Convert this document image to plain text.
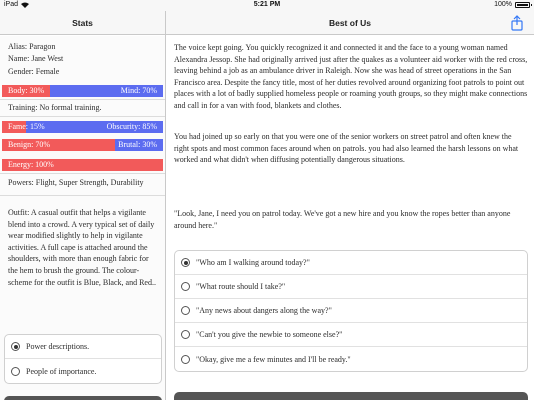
iPad	5:21 PM	100%
Stats	Best of Us
Alias: Paragon
Name: Jane West
Gender: Female
Body: 30%	Mind: 70%
Training: No formal training.
Fame: 15%	Obscurity: 85%
Benign: 70%	Brutal: 30%
Energy: 100%
Powers: Flight, Super Strength, Durability
Outfit: A casual outfit that helps a vigilante blend into a crowd. A very typical set of daily wear modified slightly to help in vigilante activities. A full cape is attached around the shoulders, with more than enough fabric for the hem to brush the ground. The colour-scheme for the outfit is Blue, Black, and Red..
Power descriptions.
People of importance.

The voice kept going. You quickly recognized it and connected it and the face to a young woman named Alexandra Jessop. She had originally arrived just after the quakes as a volunteer aid worker with the red cross, leaving behind a job as an ambulance driver in Raleigh. Now she was head of street operations in the San Francisco area. Despite the fancy title, most of her duties revolved around organizing foot patrols to point out places with a lot of badly supplied homeless people or roaming youth groups, so they might make connections and call in for a van with food, blankets and clothes.

You had joined up so early on that you were one of the senior workers on street patrol and often knew the right spots and most common faces around when on patrols. you had also learned the harsh lessons on what worked and what didn't when diffusing potentially dangerous situations.

"Look, Jane, I need you on patrol today. We've got a new hire and you know the ropes better than anyone around here."

"Who am I walking around today?"
"What route should I take?"
"Any news about dangers along the way?"
"Can't you give the newbie to someone else?"
"Okay, give me a few minutes and I'll be ready."
